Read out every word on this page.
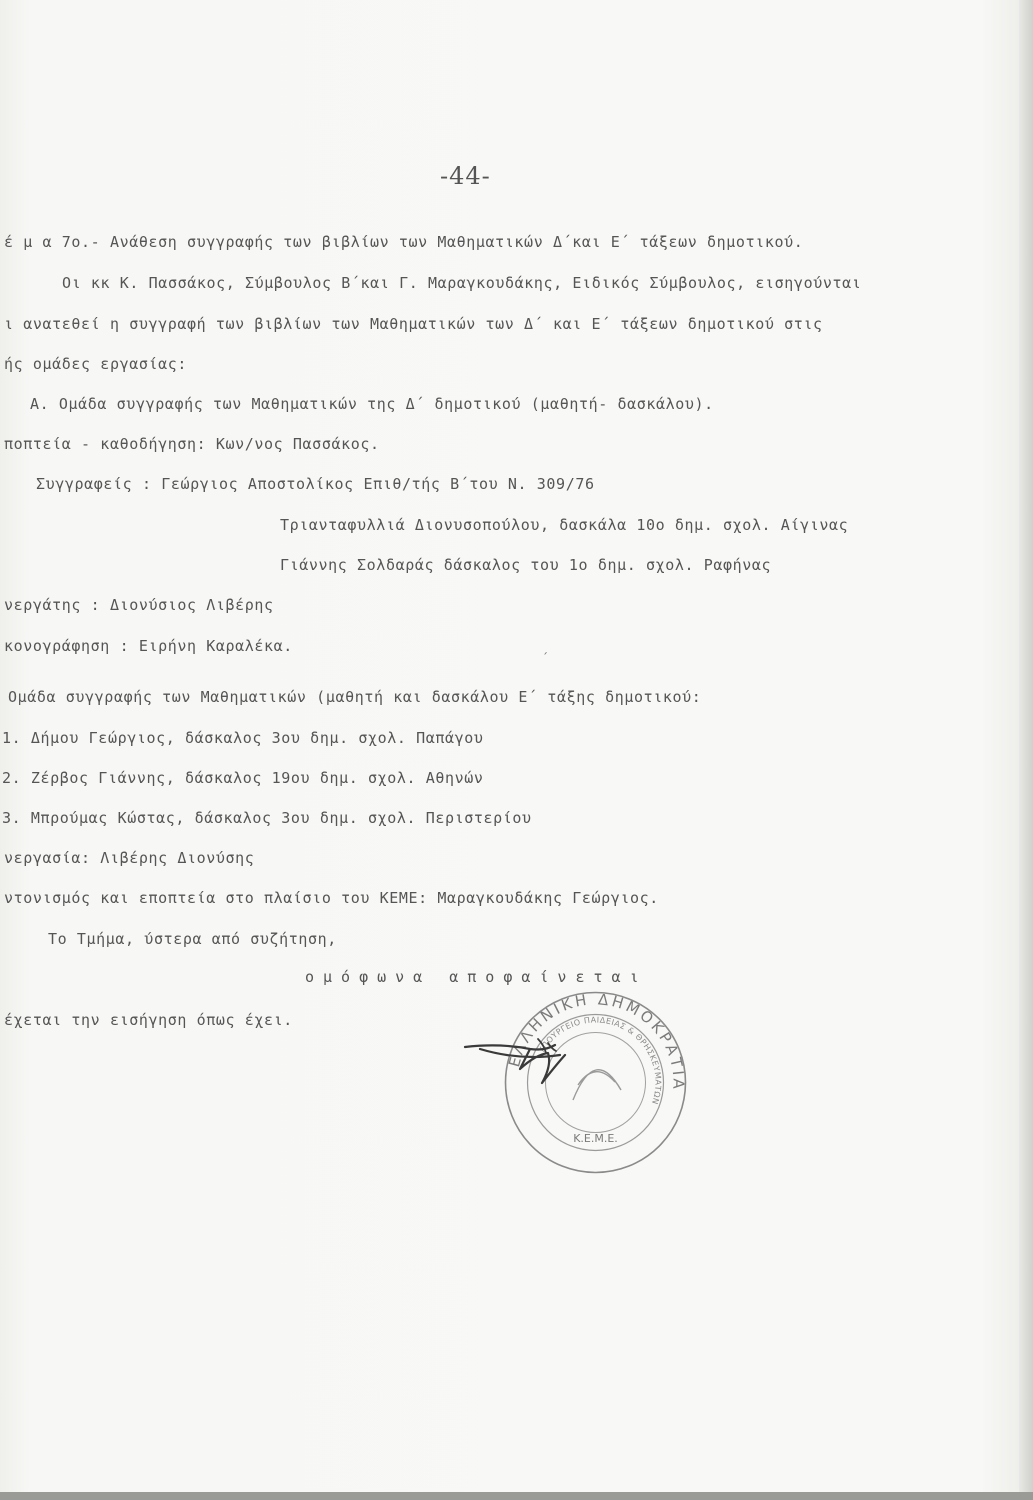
-44-
έ μ α 7ο.- Ανάθεση συγγραφής των βιβλίων των Μαθηματικών Δ΄και Ε΄ τάξεων δημοτικού.
Οι κκ Κ. Πασσάκος, Σύμβουλος Β΄και Γ. Μαραγκουδάκης, Ειδικός Σύμβουλος, εισηγούνται
ι ανατεθεί η συγγραφή των βιβλίων των Μαθηματικών των Δ΄ και Ε΄ τάξεων δημοτικού στις
ής ομάδες εργασίας:
Α. Ομάδα συγγραφής των Μαθηματικών της Δ΄ δημοτικού (μαθητή- δασκάλου).
ποπτεία - καθοδήγηση: Κων/νος Πασσάκος.
Συγγραφείς : Γεώργιος Αποστολίκος Επιθ/τής Β΄του Ν. 309/76
Τριανταφυλλιά Διονυσοπούλου, δασκάλα 10ο δημ. σχολ. Αίγινας
Γιάννης Σολδαράς δάσκαλος του 1ο δημ. σχολ. Ραφήνας
νεργάτης : Διονύσιος Λιβέρης
κονογράφηση : Ειρήνη Καραλέκα.	ˏ
Ομάδα συγγραφής των Μαθηματικών (μαθητή και δασκάλου Ε΄ τάξης δημοτικού:
1. Δήμου Γεώργιος, δάσκαλος 3ου δημ. σχολ. Παπάγου
2. Ζέρβος Γιάννης, δάσκαλος 19ου δημ. σχολ. Αθηνών
3. Μπρούμας Κώστας, δάσκαλος 3ου δημ. σχολ. Περιστερίου
νεργασία: Λιβέρης Διονύσης
ντονισμός και εποπτεία στο πλαίσιο του ΚΕΜΕ: Μαραγκουδάκης Γεώργιος.
Το Τμήμα, ύστερα από συζήτηση,
ομόφωνα αποφαίνεται
έχεται την εισήγηση όπως έχει.
ΕΛΛΗΝΙΚΗ ΔΗΜΟΚΡΑΤΙΑ
ΥΠΟΥΡΓΕΙΟ ΠΑΙΔΕΙΑΣ & ΘΡΗΣΚΕΥΜΑΤΩΝ
Κ.Ε.Μ.Ε.
